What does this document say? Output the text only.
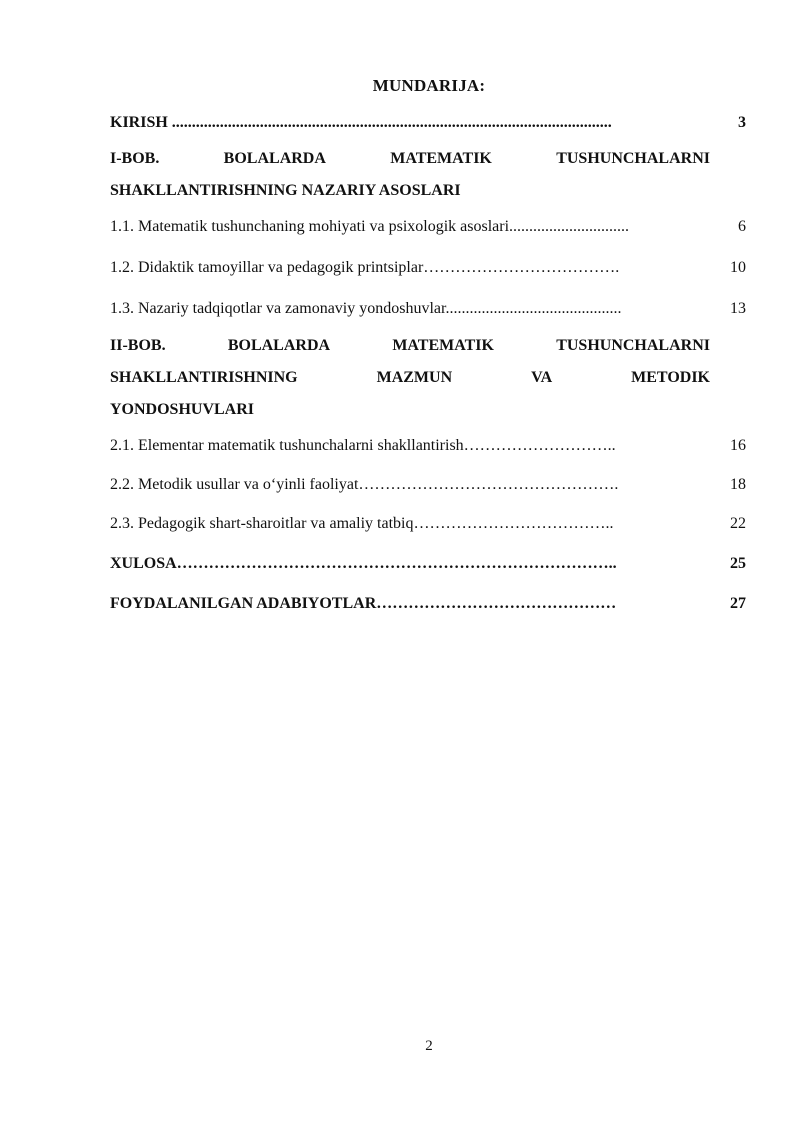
MUNDARIJA:
KIRISH ..............................................................................................................	3
I-BOB.	BOLALARDA	MATEMATIK	TUSHUNCHALARNI
SHAKLLANTIRISHNING NAZARIY ASOSLARI
1.1. Matematik tushunchaning mohiyati va psixologik asoslari..............................	6
1.2. Didaktik tamoyillar va pedagogik printsiplar……………………………….	10
1.3. Nazariy tadqiqotlar va zamonaviy yondoshuvlar............................................	13
II-BOB.	BOLALARDA	MATEMATIK	TUSHUNCHALARNI
SHAKLLANTIRISHNING	MAZMUN	VA	METODIK
YONDOSHUVLARI
2.1. Elementar matematik tushunchalarni shakllantirish………………………..	16
2.2. Metodik usullar va o‘yinli faoliyat………………………………………….	18
2.3. Pedagogik shart-sharoitlar va amaliy tatbiq………………………………..	22
XULOSA………………………………………………………………………..	25
FOYDALANILGAN ADABIYOTLAR………………………………………	27
2
